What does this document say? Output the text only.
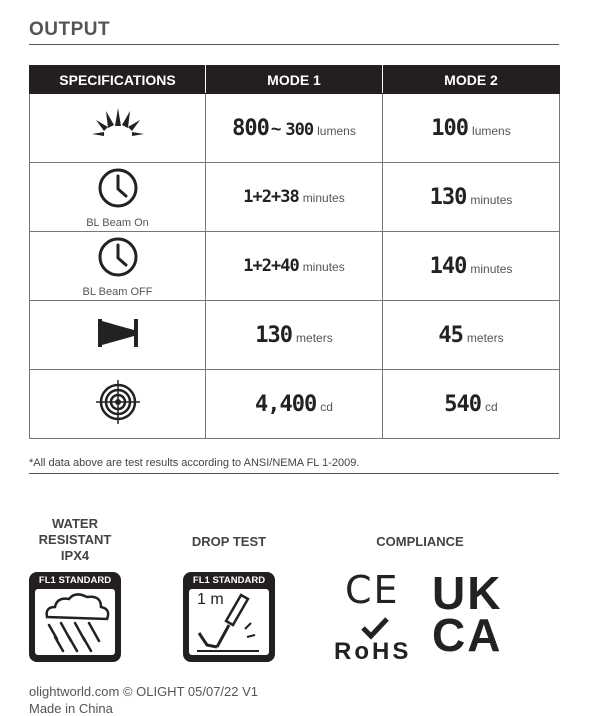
OUTPUT
SPECIFICATIONS	MODE 1	MODE 2
	800 ~ 300 lumens	100 lumens

BL Beam On	1+2+38 minutes	130 minutes

BL Beam OFF	1+2+40 minutes	140 minutes
	130 meters	45 meters
	4,400 cd	540 cd
*All data above are test results according to ANSI/NEMA FL 1-2009.
WATER
RESISTANT
IPX4
FL1 STANDARD
DROP TEST
FL1 STANDARD
1 m
COMPLIANCE
CE
RoHS
UK
CA
olightworld.com © OLIGHT 05/07/22 V1
Made in China
